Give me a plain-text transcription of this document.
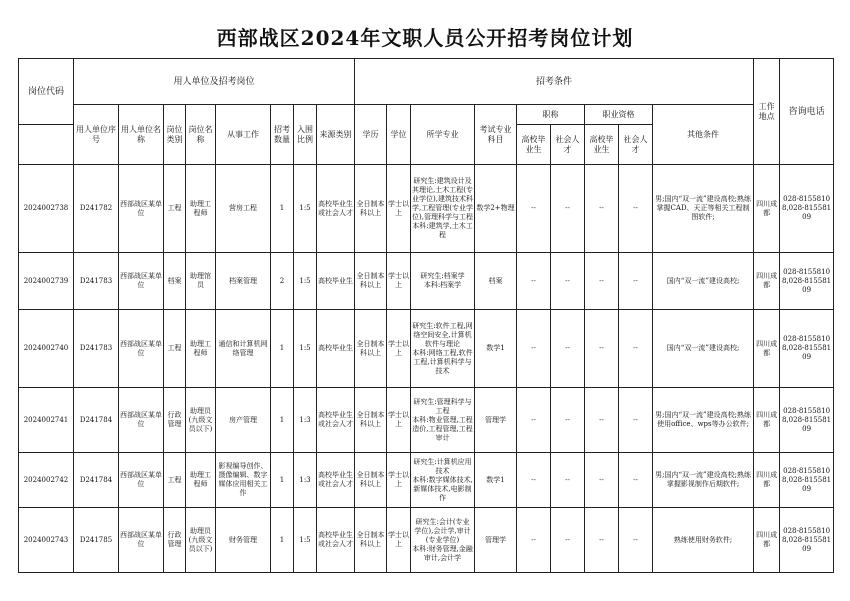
西部战区2024年文职人员公开招考岗位计划
岗位代码	用人单位及招考岗位								招考条件									工作地点	咨询电话
	用人单位序号	用人单位名称	岗位类别	岗位名称	从事工作	招考数量	入围比例	来源类别	学历	学位	所学专业	考试专业科目	职称		职业资格		其他条件		
													高校毕业生	社会人才	高校毕业生	社会人才			
2024002738	D241782	西部战区某单位	工程	助理工程师	营房工程	1	1:5	高校毕业生或社会人才	全日制本科以上	学士以上	研究生:建筑设计及其理论,土木工程(专业学位),建筑技术科学,工程管理(专业学位),管理科学与工程
本科:建筑学,土木工程	数学2+物理	--	--	--	--	男;国内“双一流”建设高校;熟练掌握CAD、天正等相关工程制图软件;	四川成都	028-81558108,028-81558109
2024002739	D241783	西部战区某单位	档案	助理馆员	档案管理	2	1:5	高校毕业生	全日制本科以上	学士以上	研究生:档案学
本科:档案学	档案	--	--	--	--	国内“双一流”建设高校;	四川成都	028-81558108,028-81558109
2024002740	D241783	西部战区某单位	工程	助理工程师	通信和计算机网络管理	1	1:5	高校毕业生	全日制本科以上	学士以上	研究生:软件工程,网络空间安全,计算机软件与理论
本科:网络工程,软件工程,计算机科学与技术	数学1	--	--	--	--	国内“双一流”建设高校;	四川成都	028-81558108,028-81558109
2024002741	D241784	西部战区某单位	行政管理	助理员(九级文员以下)	房产管理	1	1:3	高校毕业生或社会人才	全日制本科以上	学士以上	研究生:管理科学与工程
本科:物业管理,工程造价,工程管理,工程审计	管理学	--	--	--	--	男;国内“双一流”建设高校;熟练使用office、wps等办公软件;	四川成都	028-81558108,028-81558109
2024002742	D241784	西部战区某单位	工程	助理工程师	影视编导创作、摄像编辑、数字媒体应用相关工作	1	1:3	高校毕业生或社会人才	全日制本科以上	学士以上	研究生:计算机应用技术
本科:数字媒体技术,新媒体技术,电影制作	数学1	--	--	--	--	男;国内“双一流”建设高校;熟练掌握影视制作后期软件;	四川成都	028-81558108,028-81558109
2024002743	D241785	西部战区某单位	行政管理	助理员(九级文员以下)	财务管理	1	1:5	高校毕业生或社会人才	全日制本科以上	学士以上	研究生:会计(专业学位),会计学,审计(专业学位)
本科:财务管理,金融审计,会计学	管理学	--	--	--	--	熟练使用财务软件;	四川成都	028-81558108,028-81558109
